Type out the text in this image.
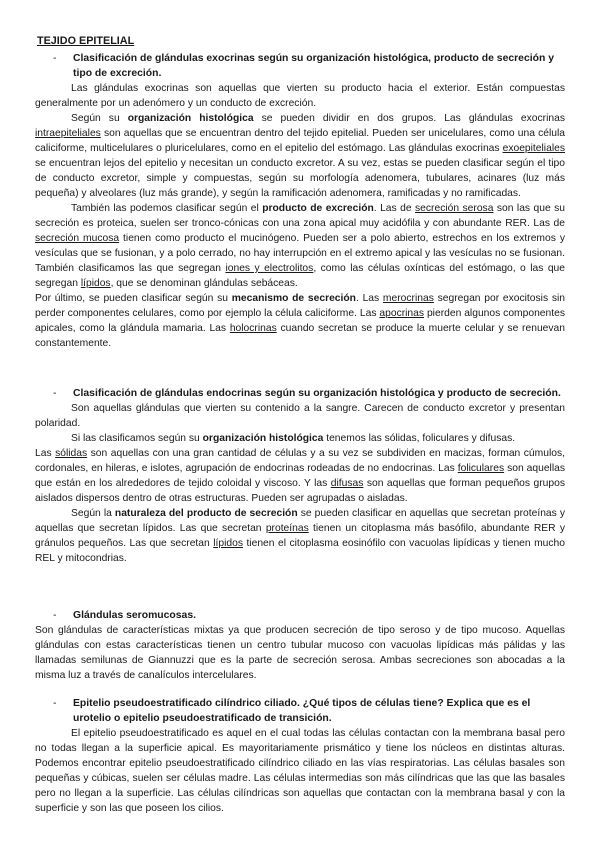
TEJIDO EPITELIAL
- Clasificación de glándulas exocrinas según su organización histológica, producto de secreción y tipo de excreción.

Las glándulas exocrinas son aquellas que vierten su producto hacia el exterior. Están compuestas generalmente por un adenómero y un conducto de excreción.

Según su organización histológica se pueden dividir en dos grupos. Las glándulas exocrinas intraepiteliales son aquellas que se encuentran dentro del tejido epitelial. Pueden ser unicelulares, como una célula caliciforme, multicelulares o pluricelulares, como en el epitelio del estómago. Las glándulas exocrinas exoepiteliales se encuentran lejos del epitelio y necesitan un conducto excretor. A su vez, estas se pueden clasificar según el tipo de conducto excretor, simple y compuestas, según su morfología adenomera, tubulares, acinares (luz más pequeña) y alveolares (luz más grande), y según la ramificación adenomera, ramificadas y no ramificadas.

También las podemos clasificar según el producto de excreción. Las de secreción serosa son las que su secreción es proteica, suelen ser tronco-cónicas con una zona apical muy acidófila y con abundante RER. Las de secreción mucosa tienen como producto el mucinógeno. Pueden ser a polo abierto, estrechos en los extremos y vesículas que se fusionan, y a polo cerrado, no hay interrupción en el extremo apical y las vesículas no se fusionan. También clasificamos las que segregan iones y electrolitos, como las células oxínticas del estómago, o las que segregan lípidos, que se denominan glándulas sebáceas.

Por último, se pueden clasificar según su mecanismo de secreción. Las merocrinas segregan por exocitosis sin perder componentes celulares, como por ejemplo la célula caliciforme. Las apocrinas pierden algunos componentes apicales, como la glándula mamaria. Las holocrinas cuando secretan se produce la muerte celular y se renuevan constantemente.

- Clasificación de glándulas endocrinas según su organización histológica y producto de secreción.

Son aquellas glándulas que vierten su contenido a la sangre. Carecen de conducto excretor y presentan polaridad.

Si las clasificamos según su organización histológica tenemos las sólidas, foliculares y difusas.

Las sólidas son aquellas con una gran cantidad de células y a su vez se subdividen en macizas, forman cúmulos, cordonales, en hileras, e islotes, agrupación de endocrinas rodeadas de no endocrinas. Las foliculares son aquellas que están en los alrededores de tejido coloidal y viscoso. Y las difusas son aquellas que forman pequeños grupos aislados dispersos dentro de otras estructuras. Pueden ser agrupadas o aisladas.

Según la naturaleza del producto de secreción se pueden clasificar en aquellas que secretan proteínas y aquellas que secretan lípidos. Las que secretan proteínas tienen un citoplasma más basófilo, abundante RER y gránulos pequeños. Las que secretan lípidos tienen el citoplasma eosinófilo con vacuolas lipídicas y tienen mucho REL y mitocondrias.

- Glándulas seromucosas.

Son glándulas de características mixtas ya que producen secreción de tipo seroso y de tipo mucoso. Aquellas glándulas con estas características tienen un centro tubular mucoso con vacuolas lipídicas más pálidas y las llamadas semilunas de Giannuzzi que es la parte de secreción serosa. Ambas secreciones son abocadas a la misma luz a través de canalículos intercelulares.

- Epitelio pseudoestratificado cilíndrico ciliado. ¿Qué tipos de células tiene? Explica que es el urotelio o epitelio pseudoestratificado de transición.

El epitelio pseudoestratificado es aquel en el cual todas las células contactan con la membrana basal pero no todas llegan a la superficie apical. Es mayoritariamente prismático y tiene los núcleos en distintas alturas. Podemos encontrar epitelio pseudoestratificado cilíndrico ciliado en las vías respiratorias. Las células basales son pequeñas y cúbicas, suelen ser células madre. Las células intermedias son más cilíndricas que las que las basales pero no llegan a la superficie. Las células cilíndricas son aquellas que contactan con la membrana basal y con la superficie y son las que poseen los cilios.
